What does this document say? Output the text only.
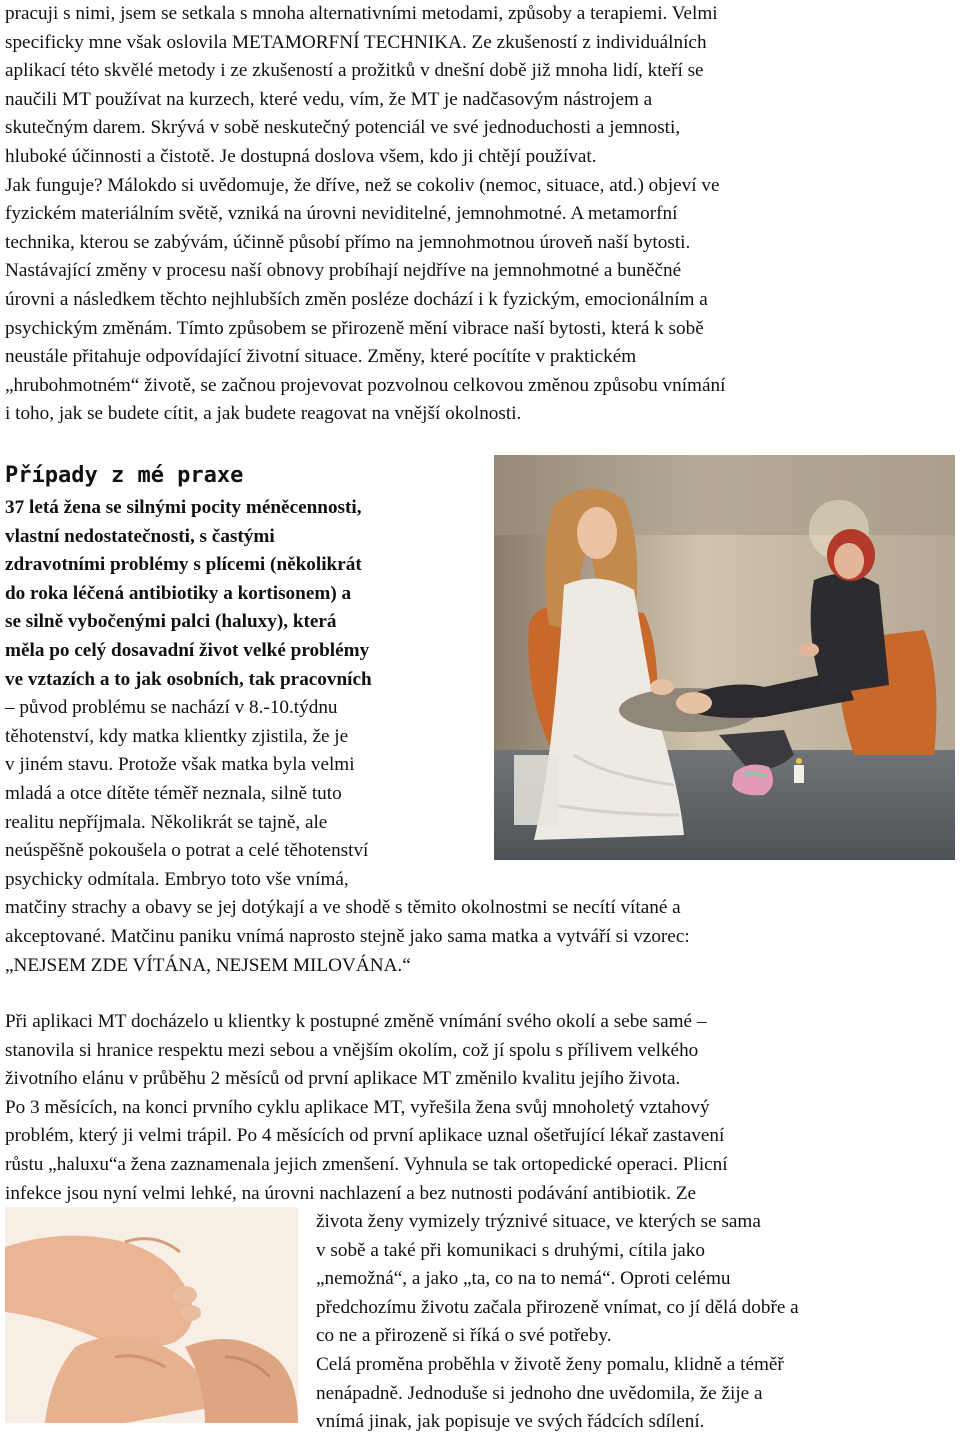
pracuji s nimi, jsem se setkala s mnoha alternativními metodami, způsoby a terapiemi. Velmi
specificky mne však oslovila METAMORFNÍ TECHNIKA. Ze zkušeností z individuálních
aplikací této skvělé metody i ze zkušeností a prožitků v dnešní době již mnoha lidí, kteří se
naučili MT používat na kurzech, které vedu, vím, že MT je nadčasovým nástrojem a
skutečným darem. Skrývá v sobě neskutečný potenciál ve své jednoduchosti a jemnosti,
hluboké účinnosti a čistotě. Je dostupná doslova všem, kdo ji chtějí používat.
Jak funguje? Málokdo si uvědomuje, že dříve, než se cokoliv (nemoc, situace, atd.) objeví ve
fyzickém materiálním světě, vzniká na úrovni neviditelné, jemnohmotné. A metamorfní
technika, kterou se zabývám, účinně působí přímo na jemnohmotnou úroveň naší bytosti.
Nastávající změny v procesu naší obnovy probíhají nejdříve na jemnohmotné a buněčné
úrovni a následkem těchto nejhlubších změn posléze dochází i k fyzickým, emocionálním a
psychickým změnám. Tímto způsobem se přirozeně mění vibrace naší bytosti, která k sobě
neustále přitahuje odpovídající životní situace. Změny, které pocítíte v praktickém
„hrubohmotném“ životě, se začnou projevovat pozvolnou celkovou změnou způsobu vnímání
i toho, jak se budete cítit, a jak budete reagovat na vnější okolnosti.
Případy z mé praxe
37 letá žena se silnými pocity méněcennosti,
vlastní nedostatečnosti, s častými
zdravotními problémy s plícemi (několikrát
do roka léčená antibiotiky a kortisonem) a
se silně vybočenými palci (haluxy), která
měla po celý dosavadní život velké problémy
ve vztazích a to jak osobních, tak pracovních
– původ problému se nachází v 8.-10.týdnu
těhotenství, kdy matka klientky zjistila, že je
v jiném stavu. Protože však matka byla velmi
mladá a otce dítěte téměř neznala, silně tuto
realitu nepříjmala. Několikrát se tajně, ale
neúspěšně pokoušela o potrat a celé těhotenství
psychicky odmítala. Embryo toto vše vnímá,
matčiny strachy a obavy se jej dotýkají a ve shodě s těmito okolnostmi se necítí vítané a
akceptované. Matčinu paniku vnímá naprosto stejně jako sama matka a vytváří si vzorec:
„NEJSEM ZDE VÍTÁNA, NEJSEM MILOVÁNA.“
Při aplikaci MT docházelo u klientky k postupné změně vnímání svého okolí a sebe samé –
stanovila si hranice respektu mezi sebou a vnějším okolím, což jí spolu s přílivem velkého
životního elánu v průběhu 2 měsíců od první aplikace MT změnilo kvalitu jejího života.
Po 3 měsících, na konci prvního cyklu aplikace MT, vyřešila žena svůj mnoholetý vztahový
problém, který ji velmi trápil. Po 4 měsících od první aplikace uznal ošetřující lékař zastavení
růstu „haluxu“a žena zaznamenala jejich zmenšení. Vyhnula se tak ortopedické operaci. Plicní
infekce jsou nyní velmi lehké, na úrovni nachlazení a bez nutnosti podávání antibiotik. Ze
života ženy vymizely trýznivé situace, ve kterých se sama
v sobě a také při komunikaci s druhými, cítila jako
„nemožná“, a jako „ta, co na to nemá“. Oproti celému
předchozímu životu začala přirozeně vnímat, co jí dělá dobře a
co ne a přirozeně si říká o své potřeby.
Celá proměna proběhla v životě ženy pomalu, klidně a téměř
nenápadně. Jednoduše si jednoho dne uvědomila, že žije a
vnímá jinak, jak popisuje ve svých řádcích sdílení.
